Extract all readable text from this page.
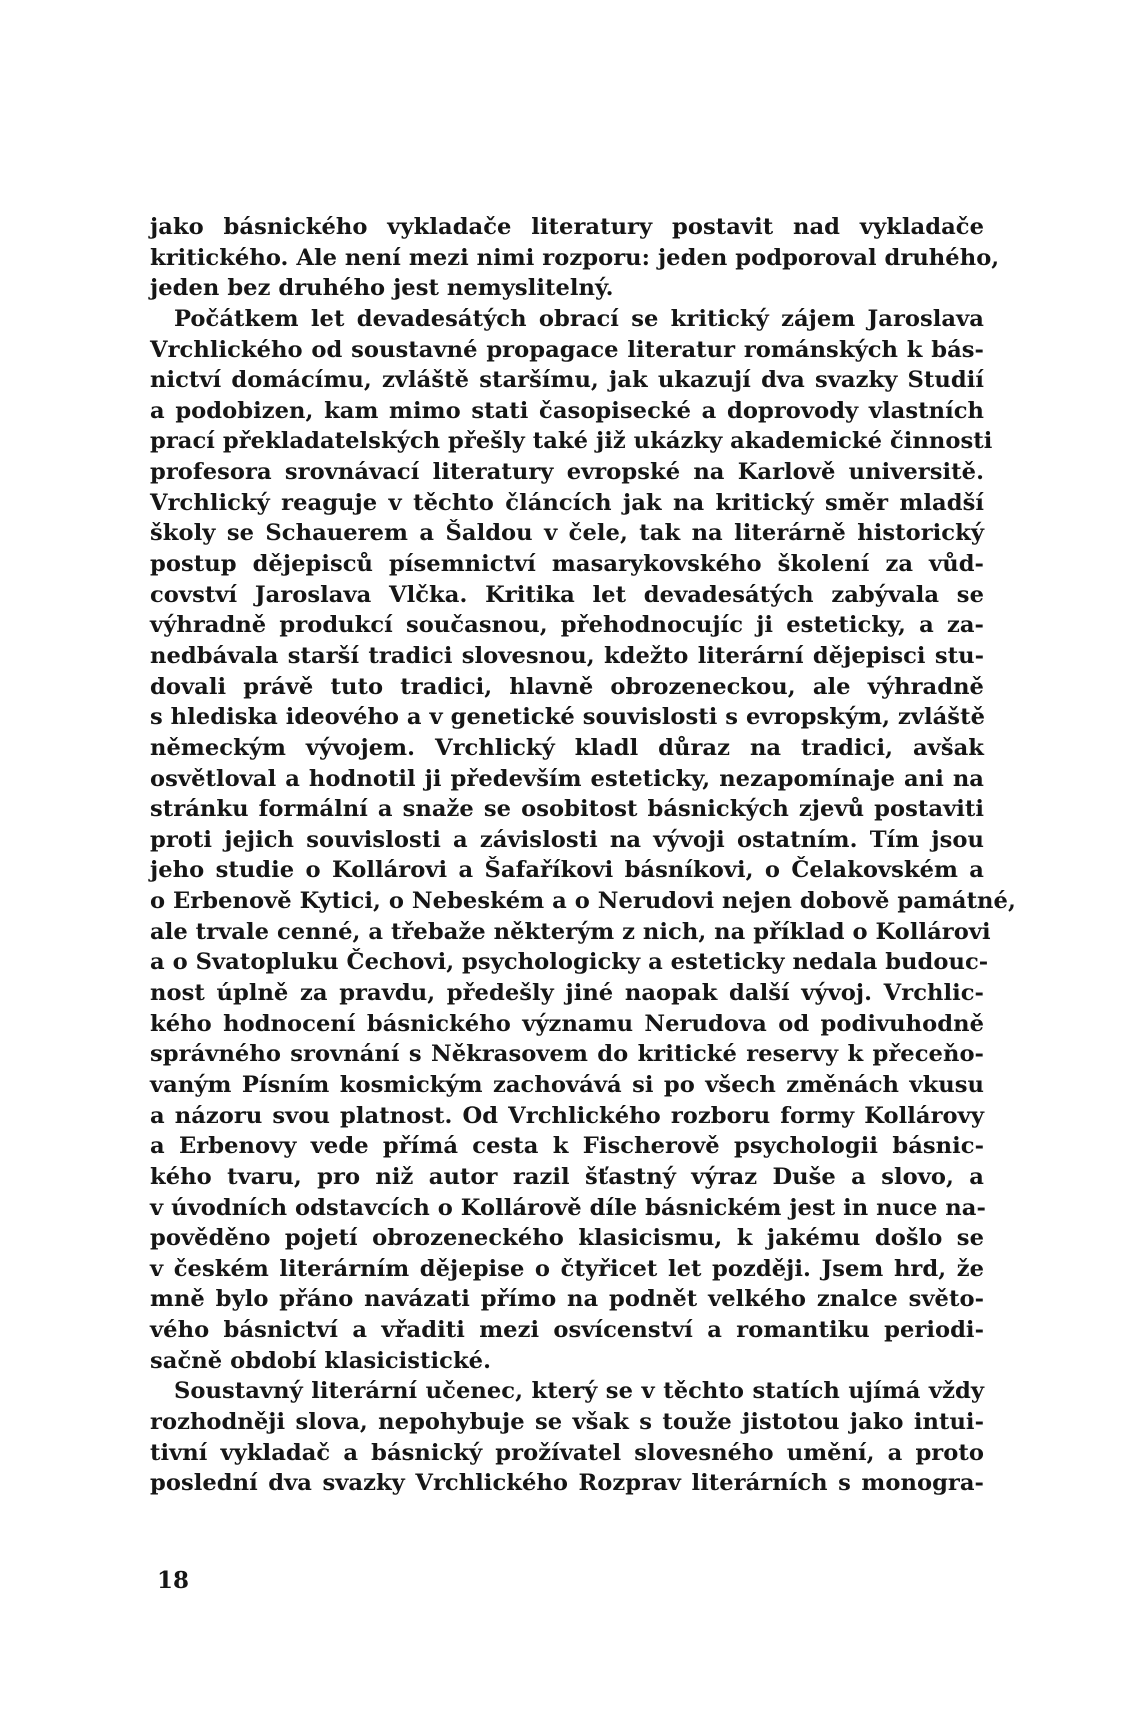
jako básnického vykladače literatury postavit nad vykladače
kritického. Ale není mezi nimi rozporu: jeden podporoval druhého,
jeden bez druhého jest nemyslitelný.
Počátkem let devadesátých obrací se kritický zájem Jaroslava
Vrchlického od soustavné propagace literatur románských k bás-
nictví domácímu, zvláště staršímu, jak ukazují dva svazky Studií
a podobizen, kam mimo stati časopisecké a doprovody vlastních
prací překladatelských přešly také již ukázky akademické činnosti
profesora srovnávací literatury evropské na Karlově universitě.
Vrchlický reaguje v těchto článcích jak na kritický směr mladší
školy se Schauerem a Šaldou v čele, tak na literárně historický
postup dějepisců písemnictví masarykovského školení za vůd-
covství Jaroslava Vlčka. Kritika let devadesátých zabývala se
výhradně produkcí současnou, přehodnocujíc ji esteticky, a za-
nedbávala starší tradici slovesnou, kdežto literární dějepisci stu-
dovali právě tuto tradici, hlavně obrozeneckou, ale výhradně
s hlediska ideového a v genetické souvislosti s evropským, zvláště
německým vývojem. Vrchlický kladl důraz na tradici, avšak
osvětloval a hodnotil ji především esteticky, nezapomínaje ani na
stránku formální a snaže se osobitost básnických zjevů postaviti
proti jejich souvislosti a závislosti na vývoji ostatním. Tím jsou
jeho studie o Kollárovi a Šafaříkovi básníkovi, o Čelakovském a
o Erbenově Kytici, o Nebeském a o Nerudovi nejen dobově památné,
ale trvale cenné, a třebaže některým z nich, na příklad o Kollárovi
a o Svatopluku Čechovi, psychologicky a esteticky nedala budouc-
nost úplně za pravdu, předešly jiné naopak další vývoj. Vrchlic-
kého hodnocení básnického významu Nerudova od podivuhodně
správného srovnání s Někrasovem do kritické reservy k přeceňo-
vaným Písním kosmickým zachovává si po všech změnách vkusu
a názoru svou platnost. Od Vrchlického rozboru formy Kollárovy
a Erbenovy vede přímá cesta k Fischerově psychologii básnic-
kého tvaru, pro niž autor razil šťastný výraz Duše a slovo, a
v úvodních odstavcích o Kollárově díle básnickém jest in nuce na-
pověděno pojetí obrozeneckého klasicismu, k jakému došlo se
v českém literárním dějepise o čtyřicet let později. Jsem hrd, že
mně bylo přáno navázati přímo na podnět velkého znalce světo-
vého básnictví a vřaditi mezi osvícenství a romantiku periodi-
sačně období klasicistické.
Soustavný literární učenec, který se v těchto statích ujímá vždy
rozhodněji slova, nepohybuje se však s touže jistotou jako intui-
tivní vykladač a básnický prožívatel slovesného umění, a proto
poslední dva svazky Vrchlického Rozprav literárních s monogra-
18
